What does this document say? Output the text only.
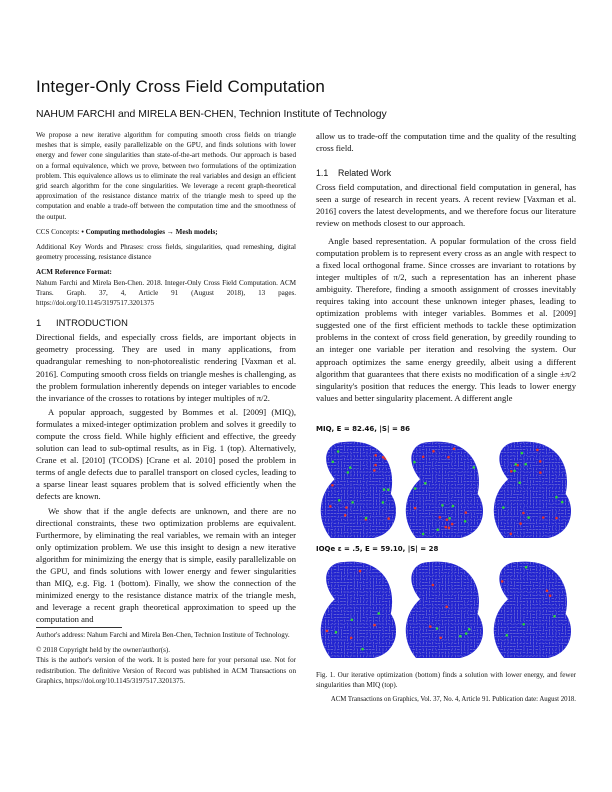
Integer-Only Cross Field Computation
NAHUM FARCHI and MIRELA BEN-CHEN, Technion Institute of Technology

We propose a new iterative algorithm for computing smooth cross fields on triangle meshes that is simple, easily parallelizable on the GPU, and finds solutions with lower energy and fewer cone singularities than state-of-the-art methods. Our approach is based on a formal equivalence, which we prove, between two formulations of the optimization problem. This equivalence allows us to eliminate the real variables and design an efficient grid search algorithm for the cone singularities. We leverage a recent graph-theoretical approximation of the resistance distance matrix of the triangle mesh to speed up the computation and enable a trade-off between the computation time and the smoothness of the output.

CCS Concepts: • Computing methodologies → Mesh models;

Additional Key Words and Phrases: cross fields, singularities, quad remeshing, digital geometry processing, resistance distance

ACM Reference Format:

Nahum Farchi and Mirela Ben-Chen. 2018. Integer-Only Cross Field Computation. ACM Trans. Graph. 37, 4, Article 91 (August 2018), 13 pages. https://doi.org/10.1145/3197517.3201375

1 INTRODUCTION

Directional fields, and especially cross fields, are important objects in geometry processing. They are used in many applications, from quadrangular remeshing to non-photorealistic rendering [Vaxman et al. 2016]. Computing smooth cross fields on triangle meshes is challenging, as the problem formulation inherently depends on integer variables to encode the invariance of the crosses to rotations by integer multiples of π/2.

A popular approach, suggested by Bommes et al. [2009] (MIQ), formulates a mixed-integer optimization problem and solves it greedily to compute the cross field. While highly efficient and effective, the greedy solution can lead to sub-optimal results, as in Fig. 1 (top). Alternatively, Crane et al. [2010] (TCODS) [Crane et al. 2010] posed the problem in terms of angle defects due to parallel transport on closed cycles, leading to a sparse linear least squares problem that is solved efficiently when the defects are known.

We show that if the angle defects are unknown, and there are no directional constraints, these two optimization problems are equivalent. Furthermore, by eliminating the real variables, we remain with an integer only optimization problem. We use this insight to design a new iterative algorithm for minimizing the energy that is simple, easily parallelizable on the GPU, and finds solutions with lower energy and fewer singularities than MIQ, e.g. Fig. 1 (bottom). Finally, we show the connection of the minimized energy to the resistance distance matrix of the triangle mesh, and leverage a recent graph theoretical approximation to speed up the computation and

Author's address: Nahum Farchi and Mirela Ben-Chen, Technion Institute of Technology.

© 2018 Copyright held by the owner/author(s).

This is the author's version of the work. It is posted here for your personal use. Not for redistribution. The definitive Version of Record was published in ACM Transactions on Graphics, https://doi.org/10.1145/3197517.3201375.

allow us to trade-off the computation time and the quality of the resulting cross field.

1.1 Related Work

Cross field computation, and directional field computation in general, has seen a surge of research in recent years. A recent review [Vaxman et al. 2016] covers the latest developments, and we therefore focus our literature review on methods closest to our approach.

Angle based representation. A popular formulation of the cross field computation problem is to represent every cross as an angle with respect to a fixed local orthogonal frame. Since crosses are invariant to rotations by integer multiples of π/2, such a representation has an inherent phase ambiguity. Therefore, finding a smooth assignment of crosses inevitably requires taking into account these unknown integer phases, leading to optimization problems with integer variables. Bommes et al. [2009] suggested one of the first efficient methods to tackle these optimization problems in the context of cross field generation, by greedily rounding to an integer one variable per iteration and resolving the system. Our approach optimizes the same energy greedily, albeit using a different algorithm that guarantees that there exists no modification of a single ±π/2 singularity's position that reduces the energy. This leads to lower energy values and better singularity placement. A different angle

MIQ, E = 82.46, |S| = 86
IOQe ε = .5, E = 59.10, |S| = 28
Fig. 1. Our iterative optimization (bottom) finds a solution with lower energy, and fewer singularities than MIQ (top).
ACM Transactions on Graphics, Vol. 37, No. 4, Article 91. Publication date: August 2018.
